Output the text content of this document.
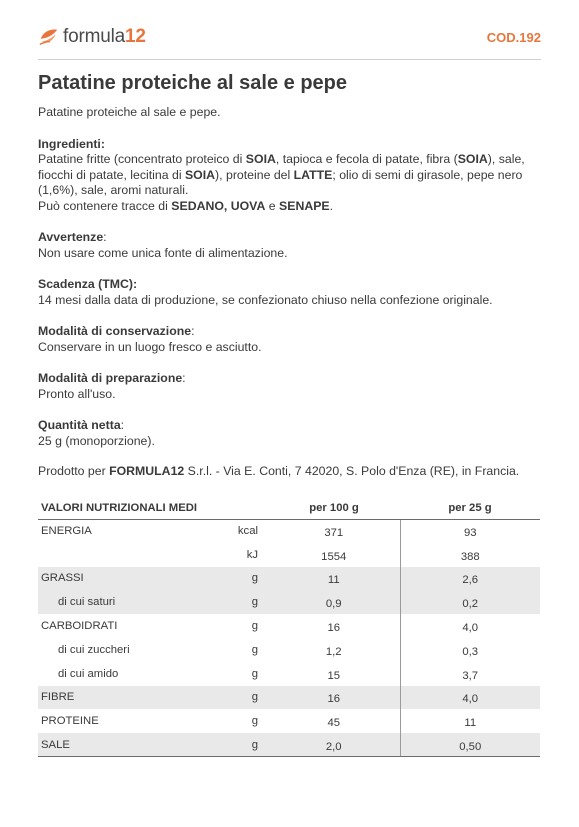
formula12	COD.192
Patatine proteiche al sale e pepe

Patatine proteiche al sale e pepe.

Ingredienti:

Patatine fritte (concentrato proteico di SOIA, tapioca e fecola di patate, fibra (SOIA), sale, fiocchi di patate, lecitina di SOIA), proteine del LATTE; olio di semi di girasole, pepe nero (1,6%), sale, aromi naturali.

Può contenere tracce di SEDANO, UOVA e SENAPE.

Avvertenze:

Non usare come unica fonte di alimentazione.

Scadenza (TMC):

14 mesi dalla data di produzione, se confezionato chiuso nella confezione originale.

Modalità di conservazione:

Conservare in un luogo fresco e asciutto.

Modalità di preparazione:

Pronto all'uso.

Quantità netta:

25 g (monoporzione).

Prodotto per FORMULA12 S.r.l. - Via E. Conti, 7 42020, S. Polo d'Enza (RE), in Francia.

VALORI NUTRIZIONALI MEDI		per 100 g	per 25 g
ENERGIA	kcal	371	93
	kJ	1554	388
GRASSI	g	11	2,6
di cui saturi	g	0,9	0,2
CARBOIDRATI	g	16	4,0
di cui zuccheri	g	1,2	0,3
di cui amido	g	15	3,7
FIBRE	g	16	4,0
PROTEINE	g	45	11
SALE	g	2,0	0,50
